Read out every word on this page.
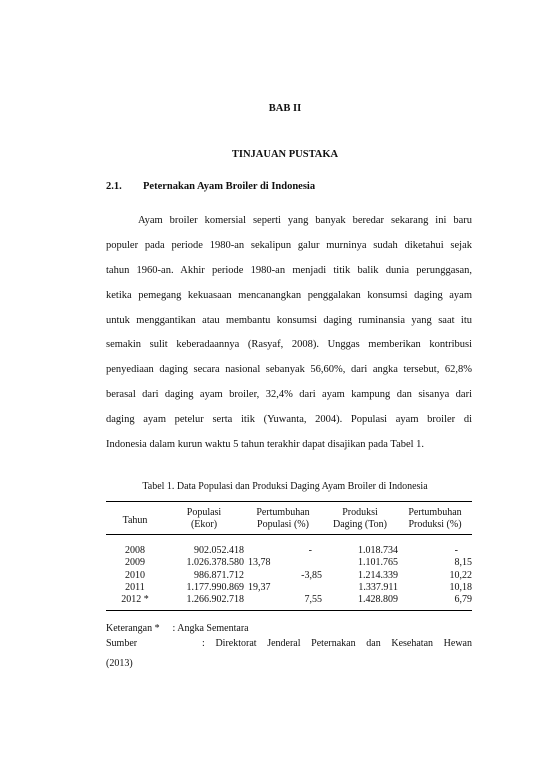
BAB II
TINJAUAN PUSTAKA
2.1. Peternakan Ayam Broiler di Indonesia
Ayam broiler komersial seperti yang banyak beredar sekarang ini baru
populer pada periode 1980-an sekalipun galur murninya sudah diketahui sejak
tahun 1960-an. Akhir periode 1980-an menjadi titik balik dunia perunggasan,
ketika pemegang kekuasaan mencanangkan penggalakan konsumsi daging ayam
untuk menggantikan atau membantu konsumsi daging ruminansia yang saat itu
semakin sulit keberadaannya (Rasyaf, 2008). Unggas memberikan kontribusi
penyediaan daging secara nasional sebanyak 56,60%, dari angka tersebut, 62,8%
berasal dari daging ayam broiler, 32,4% dari ayam kampung dan sisanya dari
daging ayam petelur serta itik (Yuwanta, 2004). Populasi ayam broiler di
Indonesia dalam kurun waktu 5 tahun terakhir dapat disajikan pada Tabel 1.
Tabel 1. Data Populasi dan Produksi Daging Ayam Broiler di Indonesia
Tahun	Populasi	Pertumbuhan	Produksi	Pertumbuhan
	(Ekor)	Populasi (%)	Daging (Ton)	Produksi (%)

2008	902.052.418	-	1.018.734	-
2009	1.026.378.580	13,78	1.101.765	8,15
2010	986.871.712	-3,85	1.214.339	10,22
2011	1.177.990.869	19,37	1.337.911	10,18
2012 *	1.266.902.718	7,55	1.428.809	6,79
Keterangan * : Angka Sementara
Sumber	: Direktorat Jenderal Peternakan dan Kesehatan Hewan
(2013)
